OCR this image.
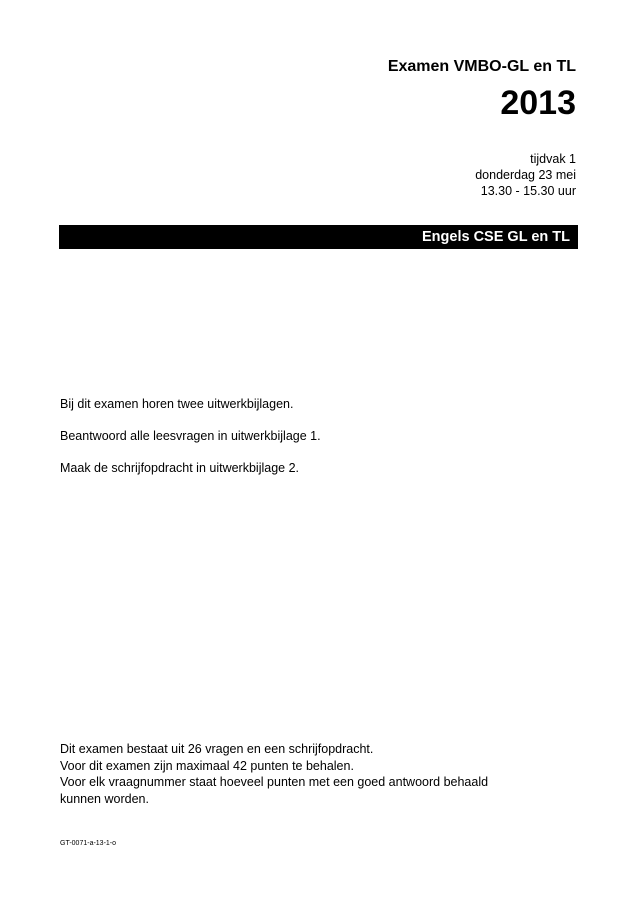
Examen VMBO-GL en TL
2013
tijdvak 1
donderdag 23 mei
13.30 - 15.30 uur
Engels CSE GL en TL

Bij dit examen horen twee uitwerkbijlagen.

Beantwoord alle leesvragen in uitwerkbijlage 1.

Maak de schrijfopdracht in uitwerkbijlage 2.

Dit examen bestaat uit 26 vragen en een schrijfopdracht.
Voor dit examen zijn maximaal 42 punten te behalen.
Voor elk vraagnummer staat hoeveel punten met een goed antwoord behaald
kunnen worden.
GT-0071-a-13-1-o
